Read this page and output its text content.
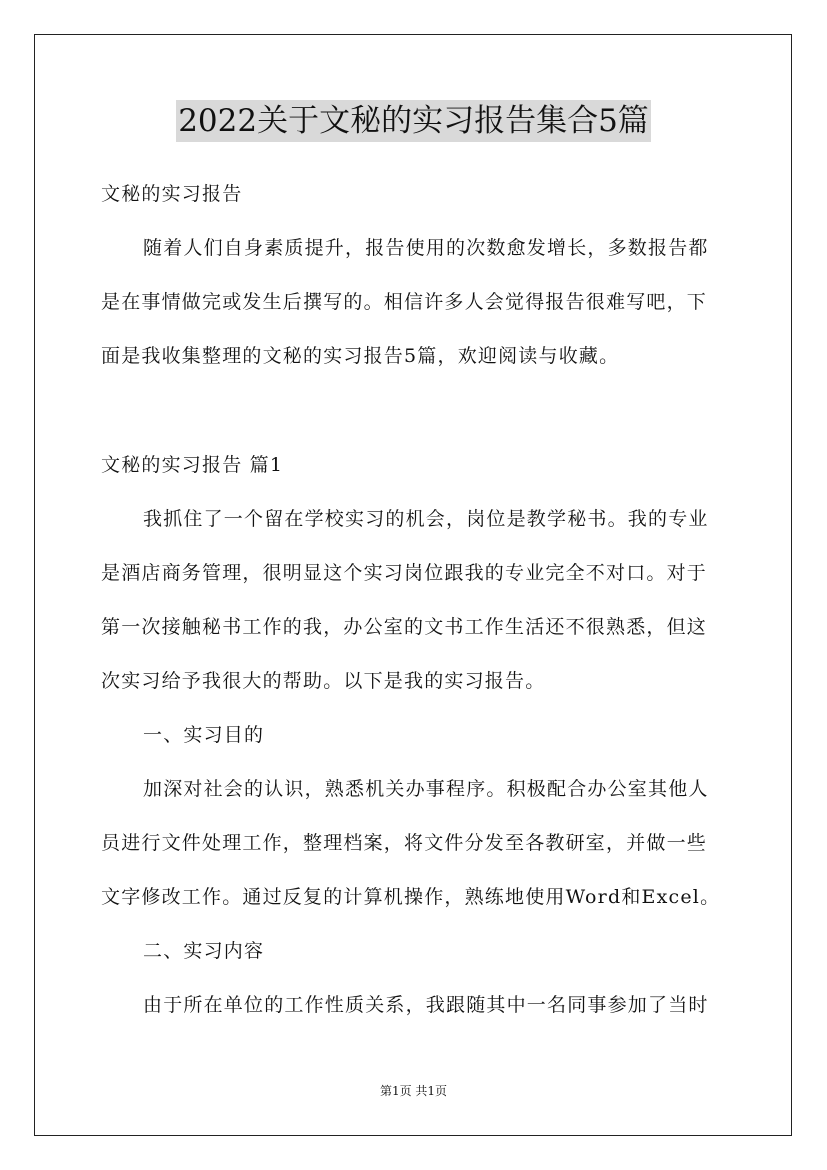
2022关于文秘的实习报告集合5篇
文秘的实习报告
随着人们自身素质提升，报告使用的次数愈发增长，多数报告都
是在事情做完或发生后撰写的。相信许多人会觉得报告很难写吧，下
面是我收集整理的文秘的实习报告5篇，欢迎阅读与收藏。
文秘的实习报告 篇1
我抓住了一个留在学校实习的机会，岗位是教学秘书。我的专业
是酒店商务管理，很明显这个实习岗位跟我的专业完全不对口。对于
第一次接触秘书工作的我，办公室的文书工作生活还不很熟悉，但这
次实习给予我很大的帮助。以下是我的实习报告。
一、实习目的
加深对社会的认识，熟悉机关办事程序。积极配合办公室其他人
员进行文件处理工作，整理档案，将文件分发至各教研室，并做一些
文字修改工作。通过反复的计算机操作，熟练地使用Word和Excel。
二、实习内容
由于所在单位的工作性质关系，我跟随其中一名同事参加了当时
第1页 共1页
